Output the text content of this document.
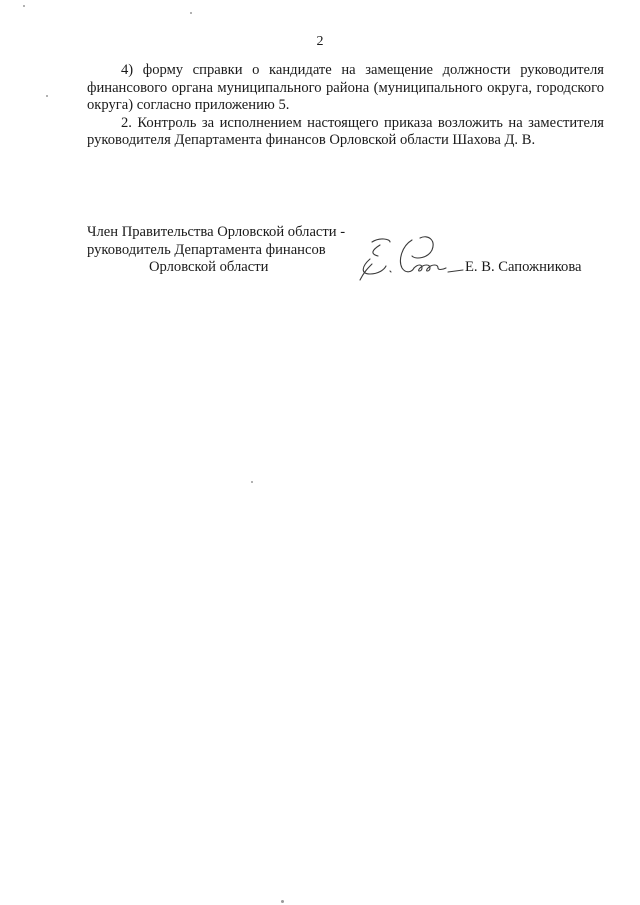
2

4) форму справки о кандидате на замещение должности руководителя финансового органа муниципального района (муниципального округа, городского округа) согласно приложению 5.

2. Контроль за исполнением настоящего приказа возложить на заместителя руководителя Департамента финансов Орловской области Шахова Д. В.

Член Правительства Орловской области -
руководитель Департамента финансов
Орловской области	Е. В. Сапожникова
